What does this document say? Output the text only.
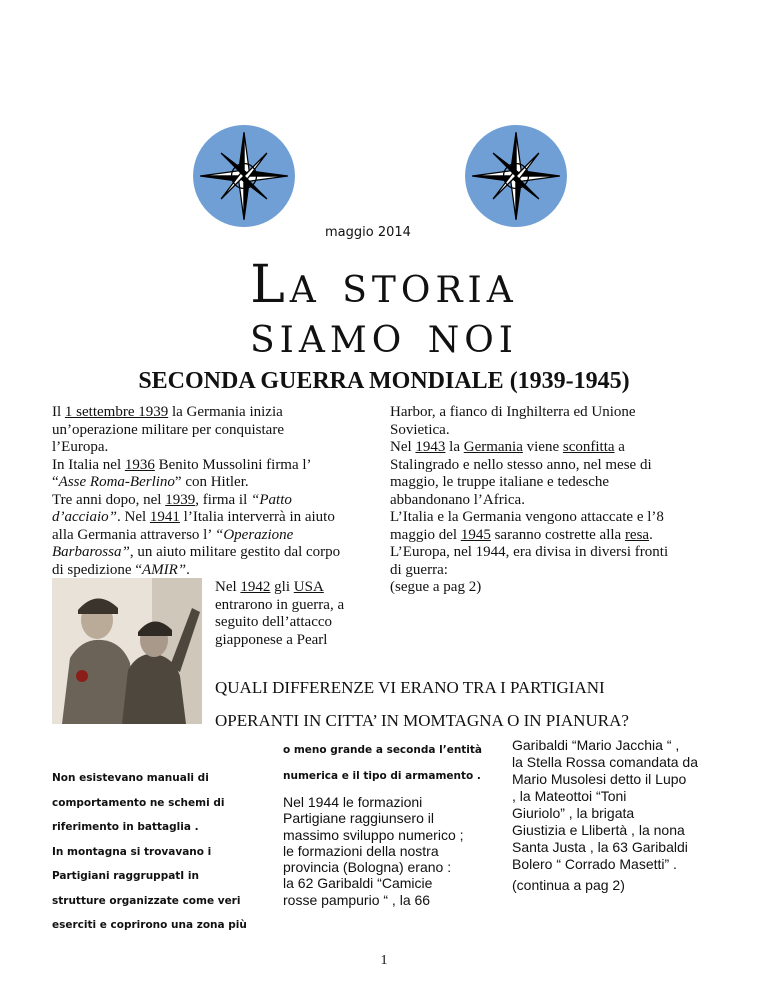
maggio 2014
La storia
siamo noi
SECONDA GUERRA MONDIALE (1939-1945)

Il 1 settembre 1939 la Germania inizia

un’operazione militare per conquistare

l’Europa.

In Italia nel 1936 Benito Mussolini firma l’

“Asse Roma-Berlino” con Hitler.

Tre anni dopo, nel 1939, firma il “Patto

d’acciaio”. Nel 1941 l’Italia interverrà in aiuto

alla Germania attraverso l’ “Operazione

Barbarossa”, un aiuto militare gestito dal corpo

di spedizione “AMIR”.

Nel 1942 gli USA

entrarono in guerra, a

seguito dell’attacco

giapponese a Pearl

Harbor, a fianco di Inghilterra ed Unione

Sovietica.

Nel 1943 la Germania viene sconfitta a

Stalingrado e nello stesso anno, nel mese di

maggio, le truppe italiane e tedesche

abbandonano l’Africa.

L’Italia e la Germania vengono attaccate e l’8

maggio del 1945 saranno costrette alla resa.

L’Europa, nel 1944, era divisa in diversi fronti

di guerra:

(segue a pag 2)

QUALI DIFFERENZE VI ERANO TRA I PARTIGIANI
OPERANTI IN CITTA’ IN MOMTAGNA O IN PIANURA?
Non esistevano manuali di
comportamento ne schemi di
riferimento in battaglia .
In montagna si trovavano i
Partigiani raggruppatI in
strutture organizzate come veri
eserciti e coprirono una zona più
o meno grande a seconda l’entità
numerica e il tipo di armamento .
Nel 1944 le formazioni
Partigiane raggiunsero il
massimo sviluppo numerico ;
le formazioni della nostra
provincia (Bologna) erano :
la 62 Garibaldi “Camicie
rosse pampurio “ , la 66
Garibaldi “Mario Jacchia “ ,
la Stella Rossa comandata da
Mario Musolesi detto il Lupo
, la Mateottoi “Toni
Giuriolo” , la brigata
Giustizia e Llibertà , la nona
Santa Justa , la 63 Garibaldi
Bolero “ Corrado Masetti” .
(continua a pag 2)
1
